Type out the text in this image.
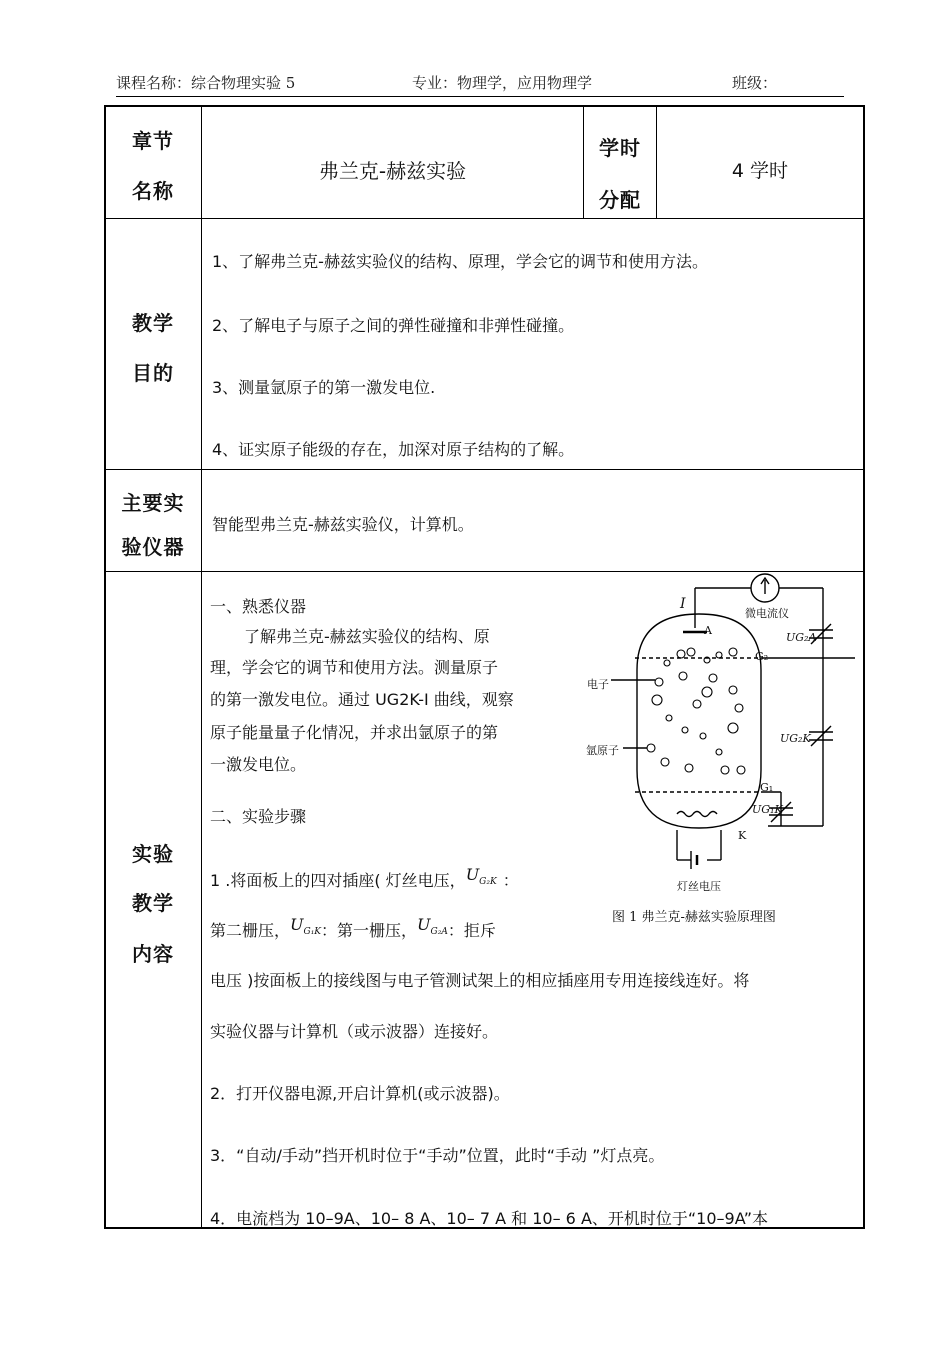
课程名称：综合物理实验 5	专业：物理学，应用物理学	班级：
章节
名称
弗兰克-赫兹实验
学时
分配
4 学时
教学
目的
1、了解弗兰克-赫兹实验仪的结构、原理，学会它的调节和使用方法。
2、了解电子与原子之间的弹性碰撞和非弹性碰撞。
3、测量氩原子的第一激发电位.
4、证实原子能级的存在，加深对原子结构的了解。
主要实
验仪器
智能型弗兰克-赫兹实验仪，计算机。
实验
教学
内容
一、熟悉仪器
了解弗兰克-赫兹实验仪的结构、原
理，学会它的调节和使用方法。测量原子
的第一激发电位。通过 UG2K-I 曲线，观察
原子能量量子化情况，并求出氩原子的第
一激发电位。
二、实验步骤
1 .将面板上的四对插座( 灯丝电压，$U_{G_2K}$ ：
第二栅压，$U_{G_1K}$：第一栅压，$U_{G_2A}$：拒斥
电压 )按面板上的接线图与电子管测试架上的相应插座用专用连接线连好。将
实验仪器与计算机（或示波器）连接好。
2．打开仪器电源,开启计算机(或示波器)。
3．“自动/手动”挡开机时位于“手动”位置，此时“手动 ”灯点亮。
4．电流档为 10–9A、10– 8 A、10– 7 A 和 10– 6 A、开机时位于“10–9A”本
I
微电流仪
A
G₂
G₁
K
电子
氩原子
UG₂A
UG₂K
UG₁K
灯丝电压
图 1 弗兰克-赫兹实验原理图
